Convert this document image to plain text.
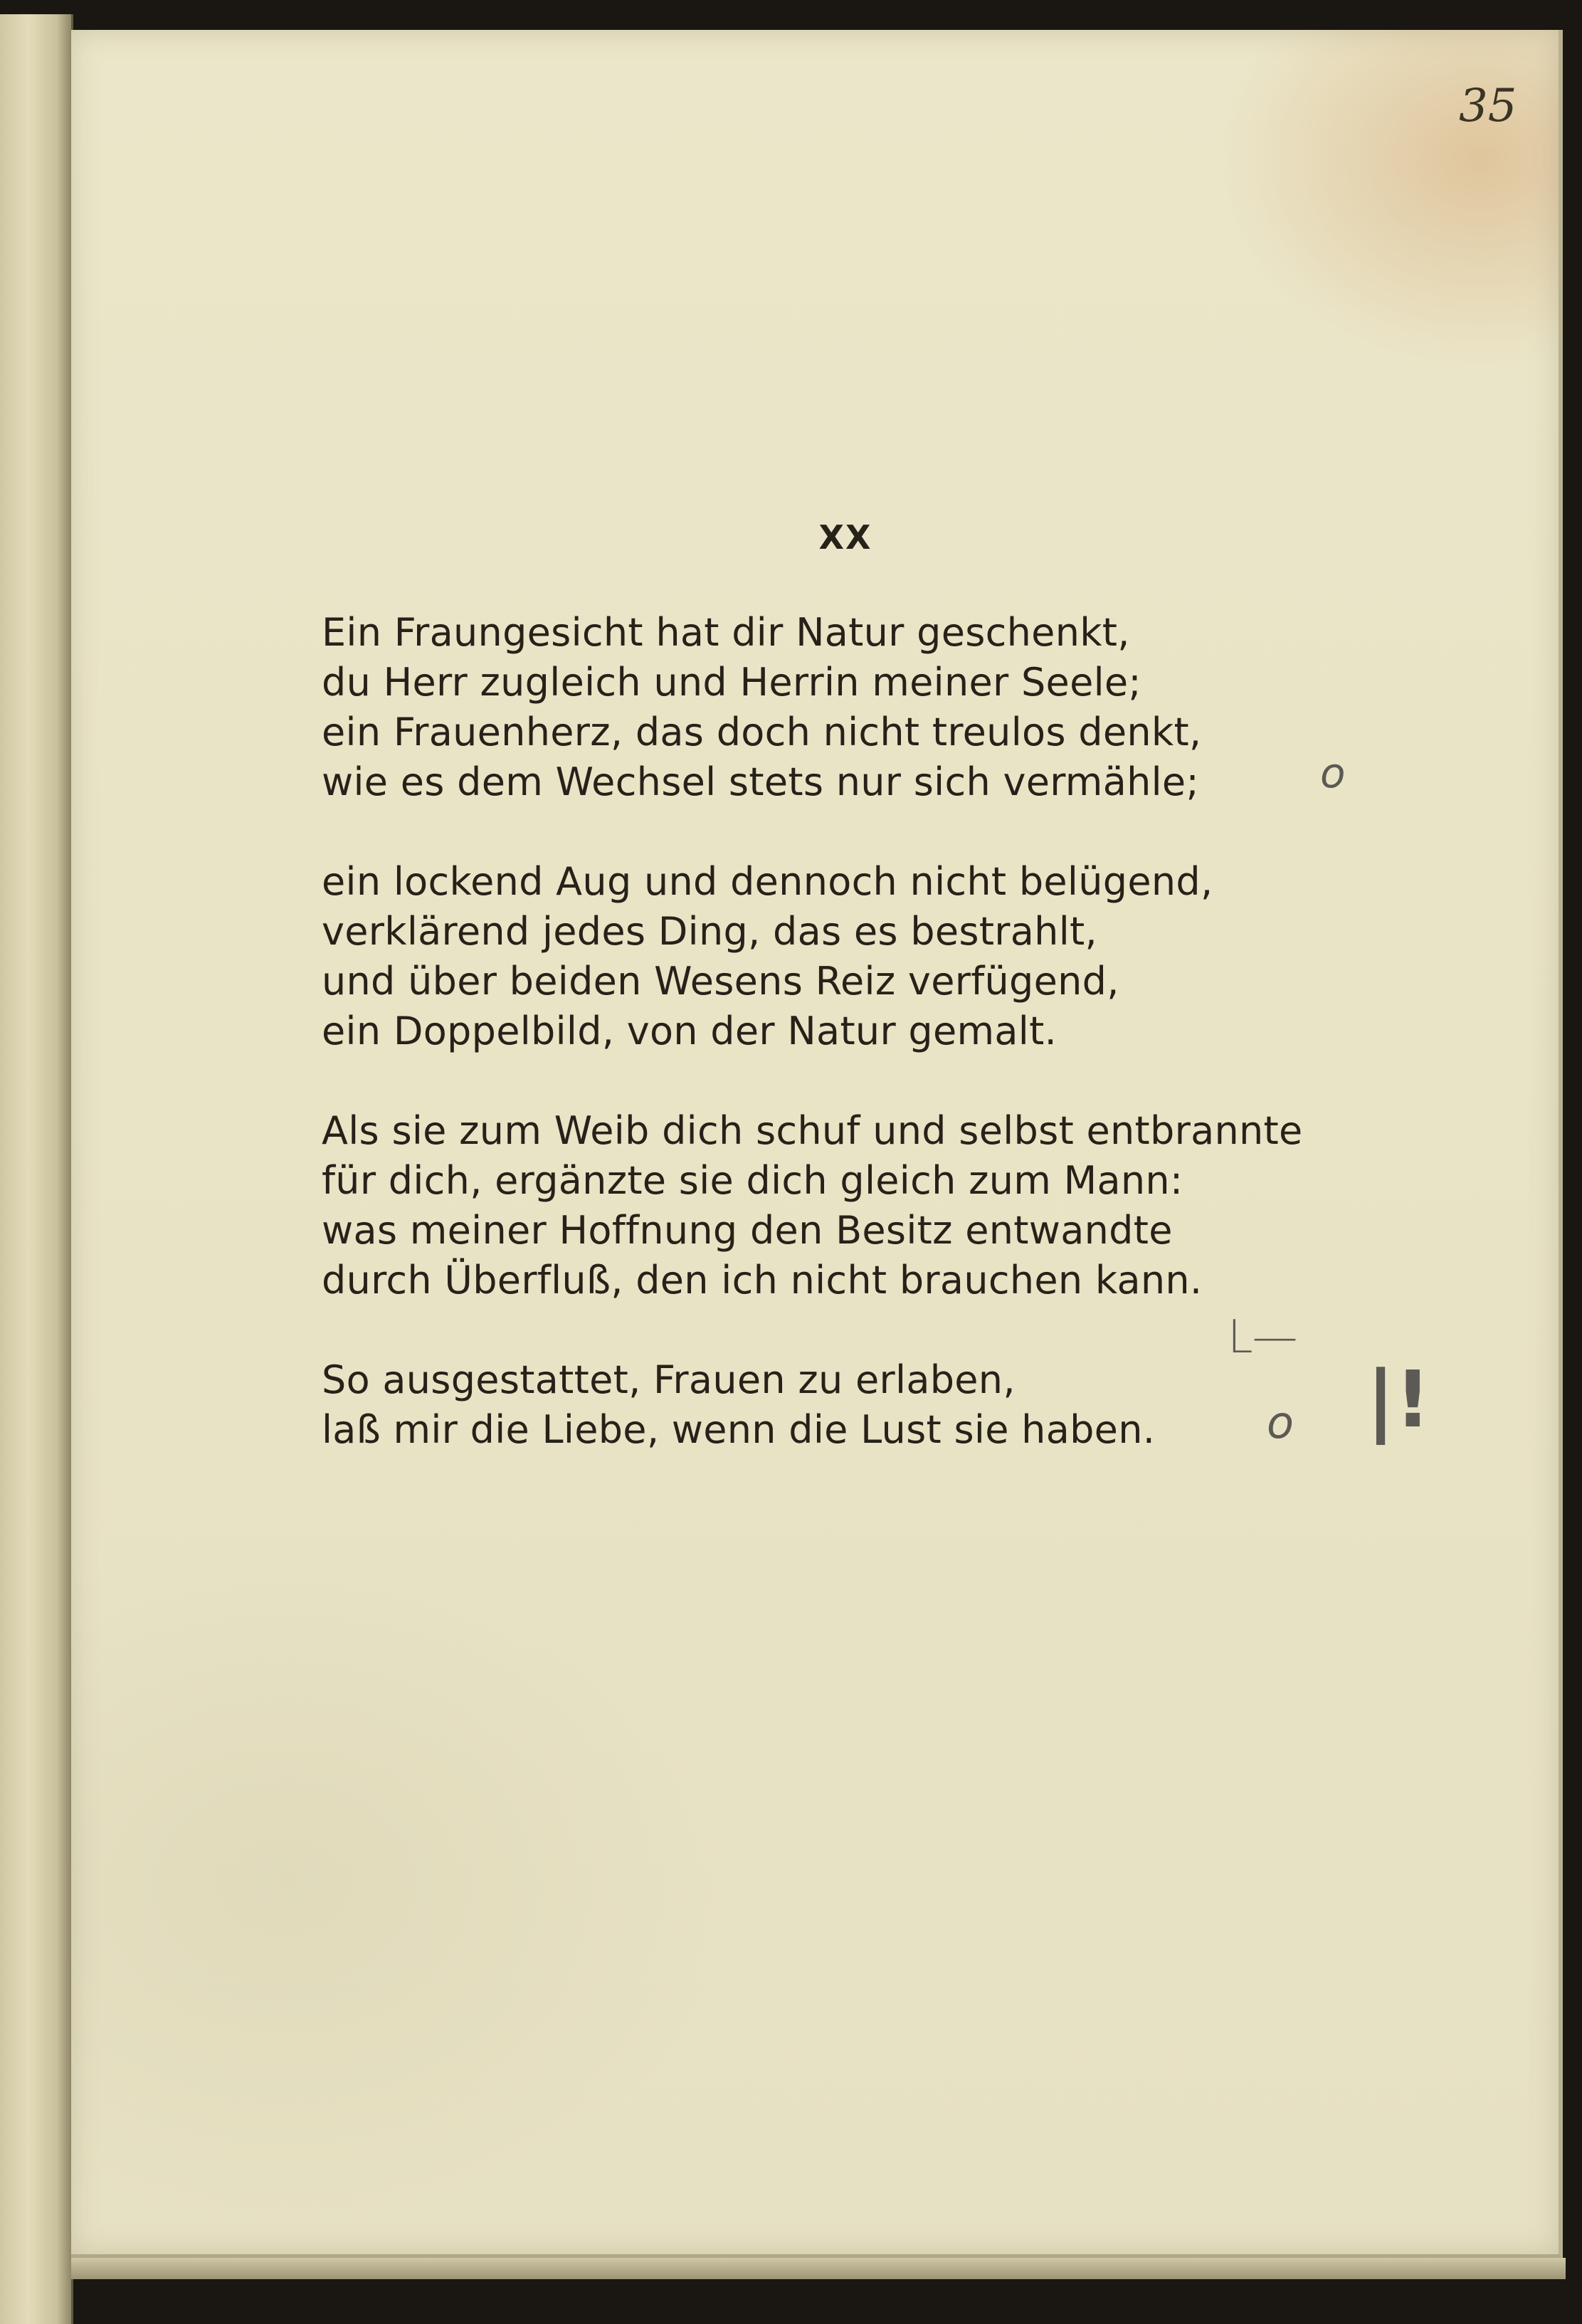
35
XX
Ein Fraungesicht hat dir Natur geschenkt,
du Herr zugleich und Herrin meiner Seele;
ein Frauenherz, das doch nicht treulos denkt,
wie es dem Wechsel stets nur sich vermähle;
ein lockend Aug und dennoch nicht belügend,
verklärend jedes Ding, das es bestrahlt,
und über beiden Wesens Reiz verfügend,
ein Doppelbild, von der Natur gemalt.
Als sie zum Weib dich schuf und selbst entbrannte
für dich, ergänzte sie dich gleich zum Mann:
was meiner Hoffnung den Besitz entwandte
durch Überfluß, den ich nicht brauchen kann.
So ausgestattet, Frauen zu erlaben,
laß mir die Liebe, wenn die Lust sie haben.
o
L—
o |!
